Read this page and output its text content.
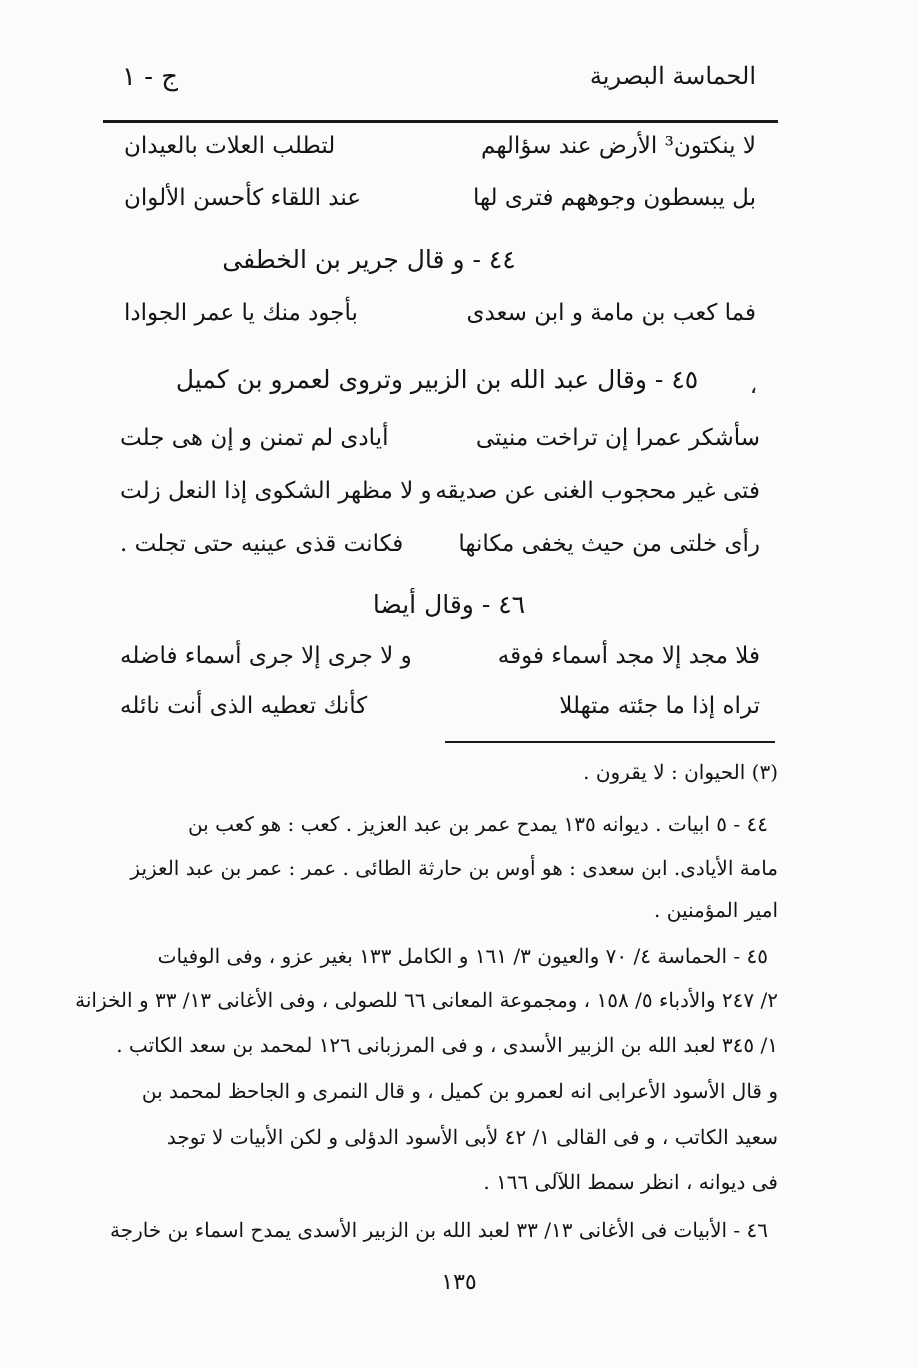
الحماسة البصرية
ج - ١
لا ينكتون³ الأرض عند سؤالهم
لتطلب العلات بالعيدان
بل يبسطون وجوههم فترى لها
عند اللقاء كأحسن الألوان
٤٤ - و قال جرير بن الخطفى
فما كعب بن مامة و ابن سعدى
بأجود منك يا عمر الجوادا
،
٤٥ - وقال عبد الله بن الزبير وتروى لعمرو بن كميل
سأشكر عمرا إن تراخت منيتى
أيادى لم تمنن و إن هى جلت
فتى غير محجوب الغنى عن صديقه
و لا مظهر الشكوى إذا النعل زلت
رأى خلتى من حيث يخفى مكانها
فكانت قذى عينيه حتى تجلت .
٤٦ - وقال أيضا
فلا مجد إلا مجد أسماء فوقه
و لا جرى إلا جرى أسماء فاضله
تراه إذا ما جئته متهللا
كأنك تعطيه الذى أنت نائله
(٣) الحيوان : لا يقرون .
٤٤ - ٥ ابيات . ديوانه ١٣٥ يمدح عمر بن عبد العزيز . كعب : هو كعب بن
مامة الأيادى. ابن سعدى : هو أوس بن حارثة الطائى . عمر : عمر بن عبد العزيز
امير المؤمنين .
٤٥ - الحماسة ٤/ ٧٠ والعيون ٣/ ١٦١ و الكامل ١٣٣ بغير عزو ، وفى الوفيات
٢/ ٢٤٧ والأدباء ٥/ ١٥٨ ، ومجموعة المعانى ٦٦ للصولى ، وفى الأغانى ١٣/ ٣٣ و الخزانة
١/ ٣٤٥ لعبد الله بن الزبير الأسدى ، و فى المرزبانى ١٢٦ لمحمد بن سعد الكاتب .
و قال الأسود الأعرابى انه لعمرو بن كميل ، و قال النمرى و الجاحظ لمحمد بن
سعيد الكاتب ، و فى القالى ١/ ٤٢ لأبى الأسود الدؤلى و لكن الأبيات لا توجد
فى ديوانه ، انظر سمط اللآلى ١٦٦ .
٤٦ - الأبيات فى الأغانى ١٣/ ٣٣ لعبد الله بن الزبير الأسدى يمدح اسماء بن خارجة
١٣٥
